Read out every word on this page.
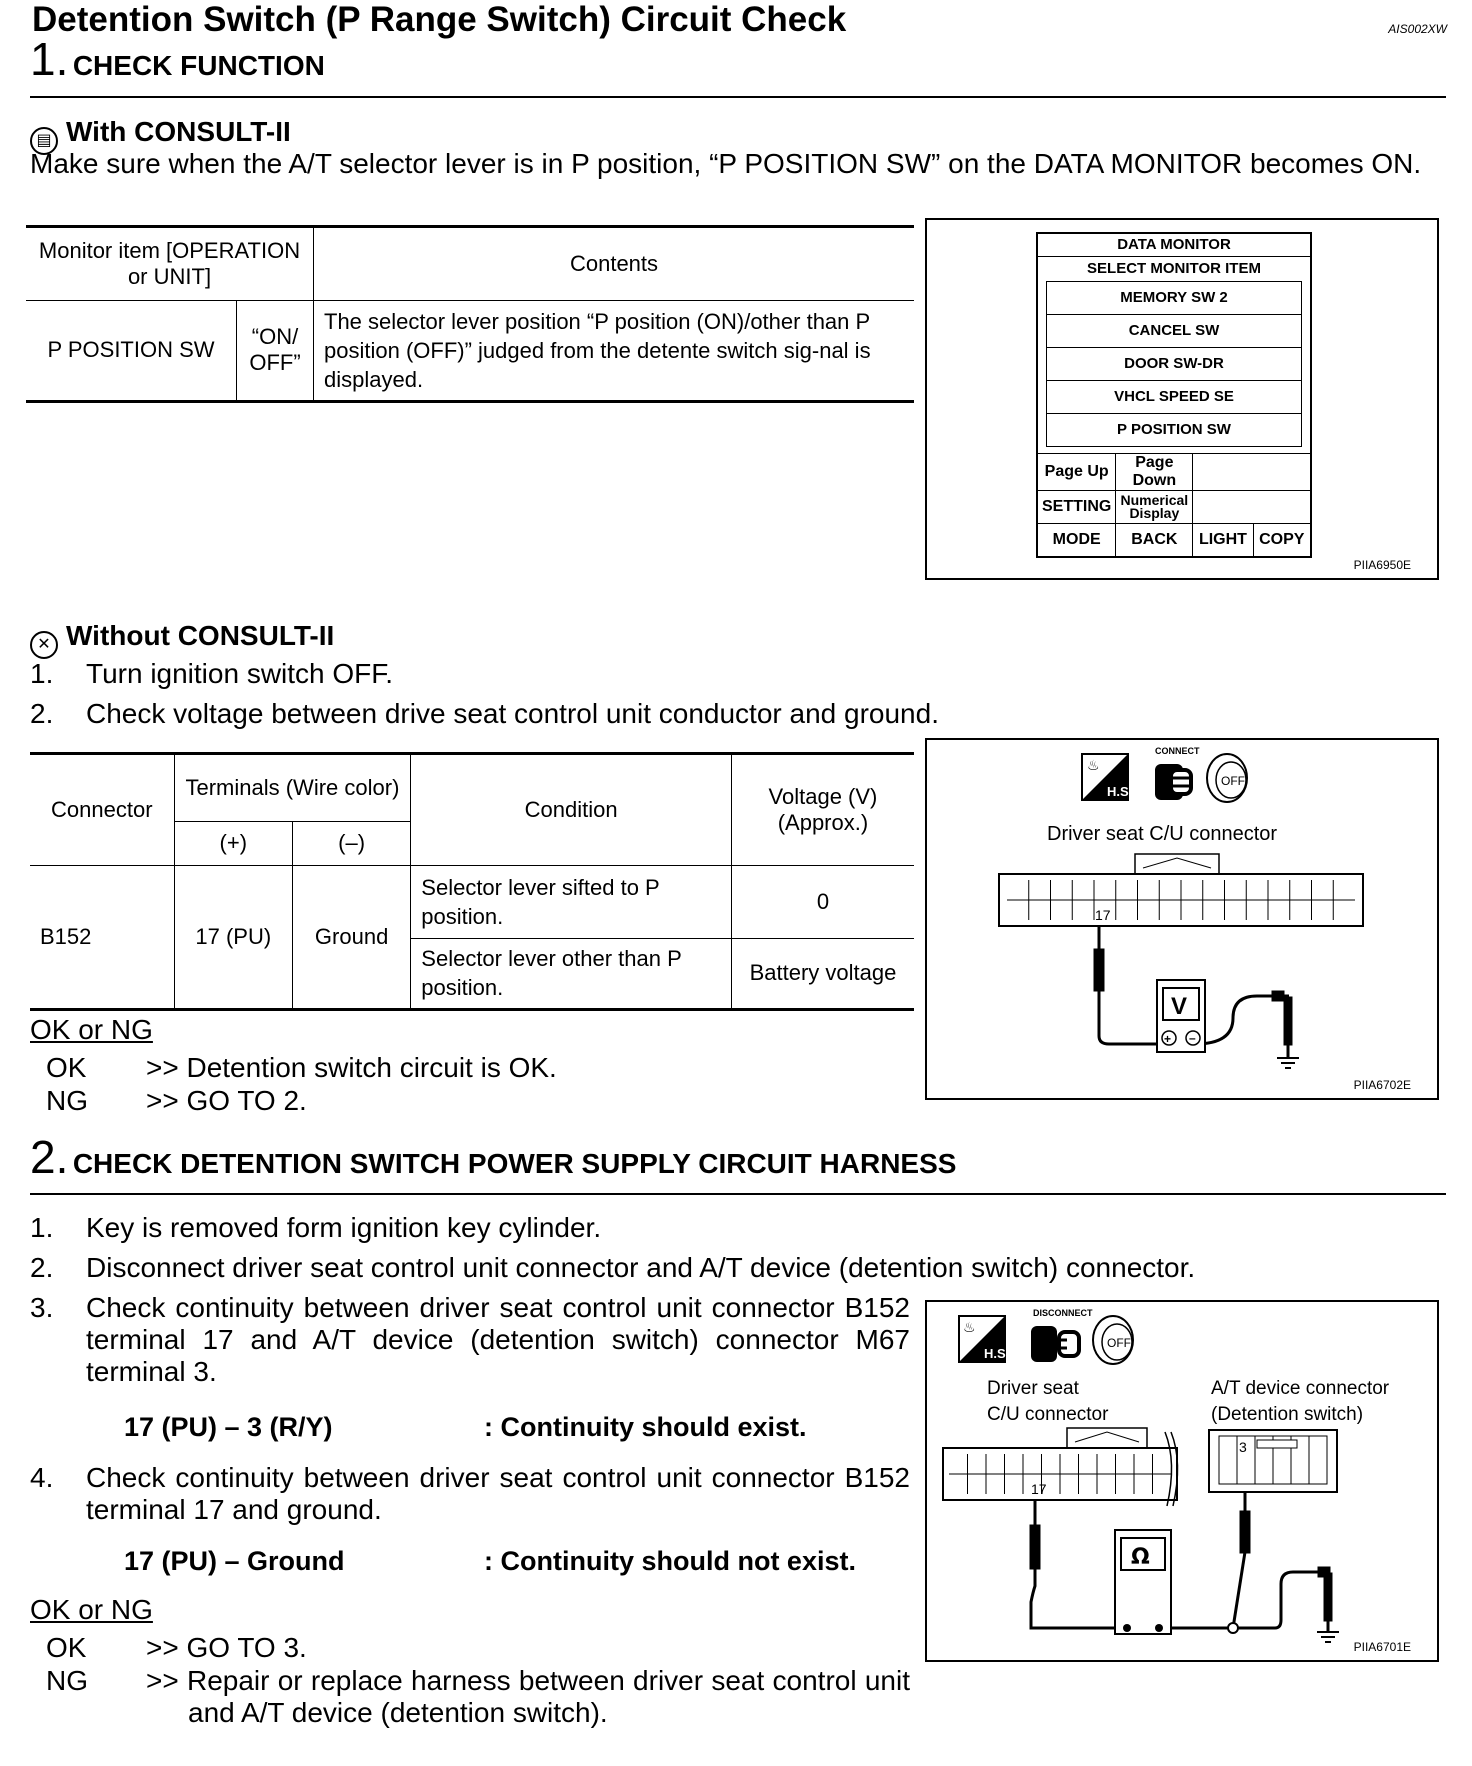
Detention Switch (P Range Switch) Circuit Check	AIS002XW
1. CHECK FUNCTION
▤ With CONSULT-II
Make sure when the A/T selector lever is in P position, “P POSITION SW” on the DATA MONITOR becomes ON.
Monitor item [OPERATION or UNIT]		Contents
P POSITION SW	“ON/ OFF”	The selector lever position “P position (ON)/other than P position (OFF)” judged from the detente switch sig-nal is displayed.
DATA MONITOR
SELECT MONITOR ITEM
MEMORY SW 2
CANCEL SW
DOOR SW-DR
VHCL SPEED SE
P POSITION SW
Page Up	Page Down		
SETTING	Numerical Display		
MODE	BACK	LIGHT	COPY
PIIA6950E
✕ Without CONSULT-II
1. Turn ignition switch OFF.
2. Check voltage between drive seat control unit conductor and ground.
Connector	Terminals (Wire color)		Condition	Voltage (V) (Approx.)
	(+)	(–)		
B152	17 (PU)	Ground	Selector lever sifted to P position.	0
			Selector lever other than P position.	Battery voltage
♨
H.S.
CONNECT
OFF
Driver seat C/U connector
17
V
+ –
PIIA6702E
OK or NG
OK >> Detention switch circuit is OK.
NG >> GO TO 2.
2. CHECK DETENTION SWITCH POWER SUPPLY CIRCUIT HARNESS
1. Key is removed form ignition key cylinder.
2. Disconnect driver seat control unit connector and A/T device (detention switch) connector.
3.	Check continuity between driver seat control unit connector B152 terminal 17 and A/T device (detention switch) connector M67 terminal 3.
17 (PU) – 3 (R/Y)	: Continuity should exist.
4.	Check continuity between driver seat control unit connector B152 terminal 17 and ground.
17 (PU) – Ground	: Continuity should not exist.
♨
H.S.
DISCONNECT
OFF
Driver seat
C/U connector
A/T device connector
(Detention switch)
17
3
Ω
PIIA6701E
OK or NG
OK >> GO TO 3.
NG >> Repair or replace harness between driver seat control unit and A/T device (detention switch).
